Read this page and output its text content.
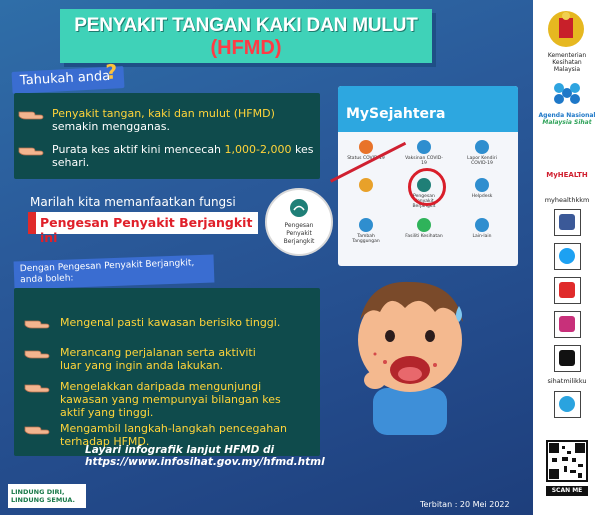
PENYAKIT TANGAN KAKI DAN MULUT
(HFMD)
Tahukah anda
?
Penyakit tangan, kaki dan mulut (HFMD)
semakin mengganas.
Purata kes aktif kini mencecah 1,000-2,000 kes
sehari.
MySejahtera
Status COVID-19	Vaksinan COVID-19
Lapor Kendiri COVID-19
Pengesan Penyakit Berjangkit
Helpdesk
Tambah Tanggungan
Fasiliti Kesihatan	Lain-lain
Marilah kita memanfaatkan fungsi
Pengesan Penyakit Berjangkit ini
Pengesan Penyakit Berjangkit
Dengan Pengesan Penyakit Berjangkit,
anda boleh:
Mengenal pasti kawasan berisiko tinggi.
Merancang perjalanan serta aktiviti
luar yang ingin anda lakukan.
Mengelakkan daripada mengunjungi
kawasan yang mempunyai bilangan kes
aktif yang tinggi.
Mengambil langkah-langkah pencegahan
terhadap HFMD.
Layari infografik lanjut HFMD di https://www.infosihat.gov.my/hfmd.html
LINDUNG DIRI,
LINDUNG SEMUA.	Terbitan : 20 Mei 2022
Kementerian
Kesihatan
Malaysia
Agenda Nasional
Malaysia Sihat
MyHEALTH
myhealthkkm
sihatmilikku
SCAN ME
